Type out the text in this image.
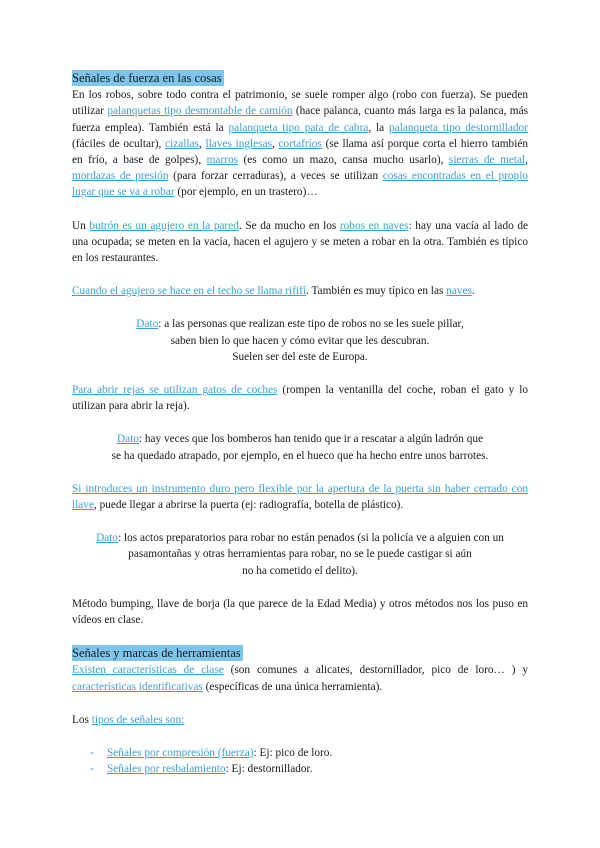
Señales de fuerza en las cosas

En los robos, sobre todo contra el patrimonio, se suele romper algo (robo con fuerza). Se pueden utilizar palanquetas tipo desmontable de camión (hace palanca, cuanto más larga es la palanca, más fuerza emplea). También está la palanqueta tipo pata de cabra, la palanqueta tipo destornillador (fáciles de ocultar), cizallas, llaves inglesas, cortafríos (se llama así porque corta el hierro también en frío, a base de golpes), marros (es como un mazo, cansa mucho usarlo), sierras de metal, mordazas de presión (para forzar cerraduras), a veces se utilizan cosas encontradas en el propio lugar que se va a robar (por ejemplo, en un trastero)…

Un butrón es un agujero en la pared. Se da mucho en los robos en naves: hay una vacía al lado de una ocupada; se meten en la vacía, hacen el agujero y se meten a robar en la otra. También es típico en los restaurantes.

Cuando el agujero se hace en el techo se llama rififí. También es muy típico en las naves.

Dato: a las personas que realizan este tipo de robos no se les suele pillar,
saben bien lo que hacen y cómo evitar que les descubran.
Suelen ser del este de Europa.

Para abrir rejas se utilizan gatos de coches (rompen la ventanilla del coche, roban el gato y lo utilizan para abrir la reja).

Dato: hay veces que los bomberos han tenido que ir a rescatar a algún ladrón que
se ha quedado atrapado, por ejemplo, en el hueco que ha hecho entre unos barrotes.

Si introduces un instrumento duro pero flexible por la apertura de la puerta sin haber cerrado con llave, puede llegar a abrirse la puerta (ej: radiografía, botella de plástico).

Dato: los actos preparatorios para robar no están penados (si la policía ve a alguien con un
pasamontañas y otras herramientas para robar, no se le puede castigar si aún
no ha cometido el delito).

Método bumping, llave de borja (la que parece de la Edad Media) y otros métodos nos los puso en vídeos en clase.

Señales y marcas de herramientas

Existen características de clase (son comunes a alicates, destornillador, pico de loro… ) y características identificativas (específicas de una única herramienta).

Los tipos de señales son:

- Señales por compresión (fuerza): Ej: pico de loro.
- Señales por resbalamiento: Ej: destornillador.
